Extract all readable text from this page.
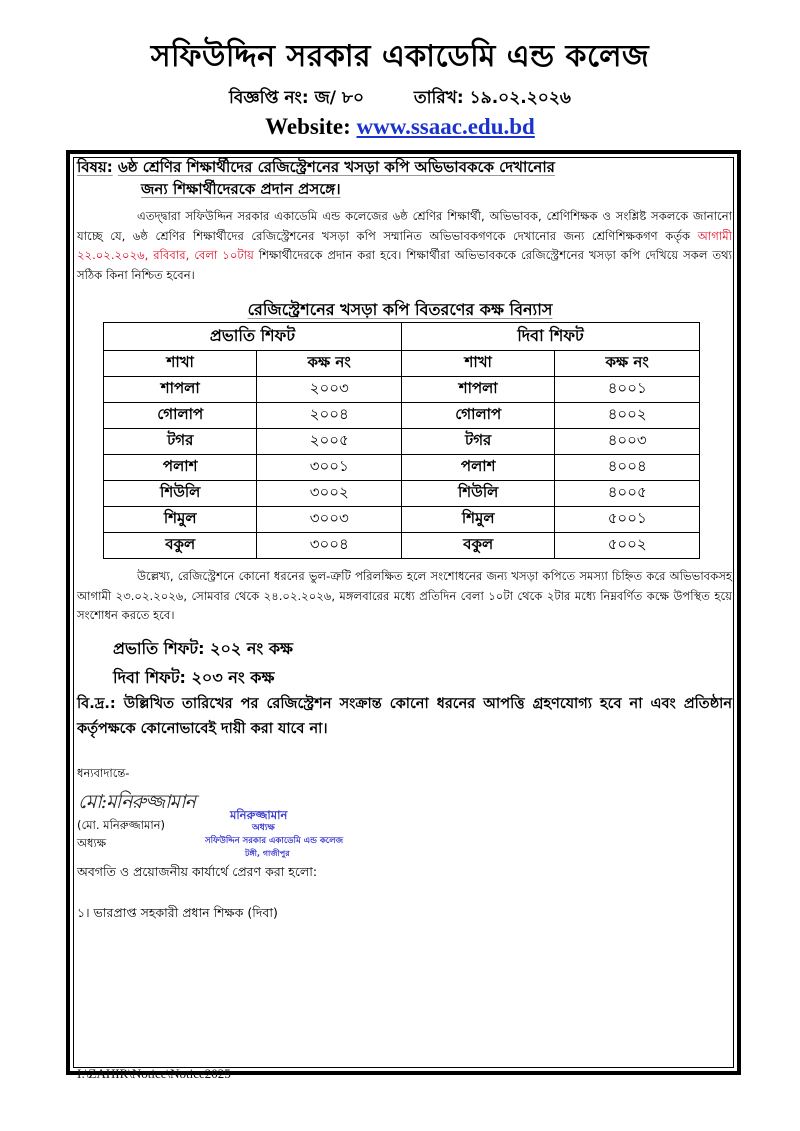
সফিউদ্দিন সরকার একাডেমি এন্ড কলেজ
বিজ্ঞপ্তি নং: জ/ ৮০	তারিখ: ১৯.০২.২০২৬
Website: www.ssaac.edu.bd
বিষয়: ৬ষ্ঠ শ্রেণির শিক্ষার্থীদের রেজিস্ট্রেশনের খসড়া কপি অভিভাবককে দেখানোর
জন্য শিক্ষার্থীদেরকে প্রদান প্রসঙ্গে।
এতদ্দ্বারা সফিউদ্দিন সরকার একাডেমি এন্ড কলেজের ৬ষ্ঠ শ্রেণির শিক্ষার্থী, অভিভাবক, শ্রেণিশিক্ষক ও সংশ্লিষ্ট সকলকে জানানো যাচ্ছে যে, ৬ষ্ঠ শ্রেণির শিক্ষার্থীদের রেজিস্ট্রেশনের খসড়া কপি সম্মানিত অভিভাবকগণকে দেখানোর জন্য শ্রেণিশিক্ষকগণ কর্তৃক আগামী ২২.০২.২০২৬, রবিবার, বেলা ১০টায় শিক্ষার্থীদেরকে প্রদান করা হবে। শিক্ষার্থীরা অভিভাবককে রেজিস্ট্রেশনের খসড়া কপি দেখিয়ে সকল তথ্য সঠিক কিনা নিশ্চিত হবেন।
রেজিস্ট্রেশনের খসড়া কপি বিতরণের কক্ষ বিন্যাস
প্রভাতি শিফট		দিবা শিফট	
শাখা	কক্ষ নং	শাখা	কক্ষ নং
শাপলা	২০০৩	শাপলা	৪০০১
গোলাপ	২০০৪	গোলাপ	৪০০২
টগর	২০০৫	টগর	৪০০৩
পলাশ	৩০০১	পলাশ	৪০০৪
শিউলি	৩০০২	শিউলি	৪০০৫
শিমুল	৩০০৩	শিমুল	৫০০১
বকুল	৩০০৪	বকুল	৫০০২
উল্লেখ্য, রেজিস্ট্রেশনে কোনো ধরনের ভুল-ত্রুটি পরিলক্ষিত হলে সংশোধনের জন্য খসড়া কপিতে সমস্যা চিহ্নিত করে অভিভাবকসহ আগামী ২৩.০২.২০২৬, সোমবার থেকে ২৪.০২.২০২৬, মঙ্গলবারের মধ্যে প্রতিদিন বেলা ১০টা থেকে ২টার মধ্যে নিম্নবর্ণিত কক্ষে উপস্থিত হয়ে সংশোধন করতে হবে।
প্রভাতি শিফট: ২০২ নং কক্ষ
দিবা শিফট: ২০৩ নং কক্ষ
বি.দ্র.: উল্লিখিত তারিখের পর রেজিস্ট্রেশন সংক্রান্ত কোনো ধরনের আপত্তি গ্রহণযোগ্য হবে না এবং প্রতিষ্ঠান কর্তৃপক্ষকে কোনোভাবেই দায়ী করা যাবে না।
ধন্যবাদান্তে-
মো:মনিরুজ্জামান
(মো. মনিরুজ্জামান)
অধ্যক্ষ
মনিরুজ্জামান
অধ্যক্ষ
সফিউদ্দিন সরকার একাডেমি এন্ড কলেজ
টঙ্গী, গাজীপুর
অবগতি ও প্রয়োজনীয় কার্যার্থে প্রেরণ করা হলো:
১। ভারপ্রাপ্ত সহকারী প্রধান শিক্ষক (দিবা)
I:\ZAHIR\Notice\Notice2025
